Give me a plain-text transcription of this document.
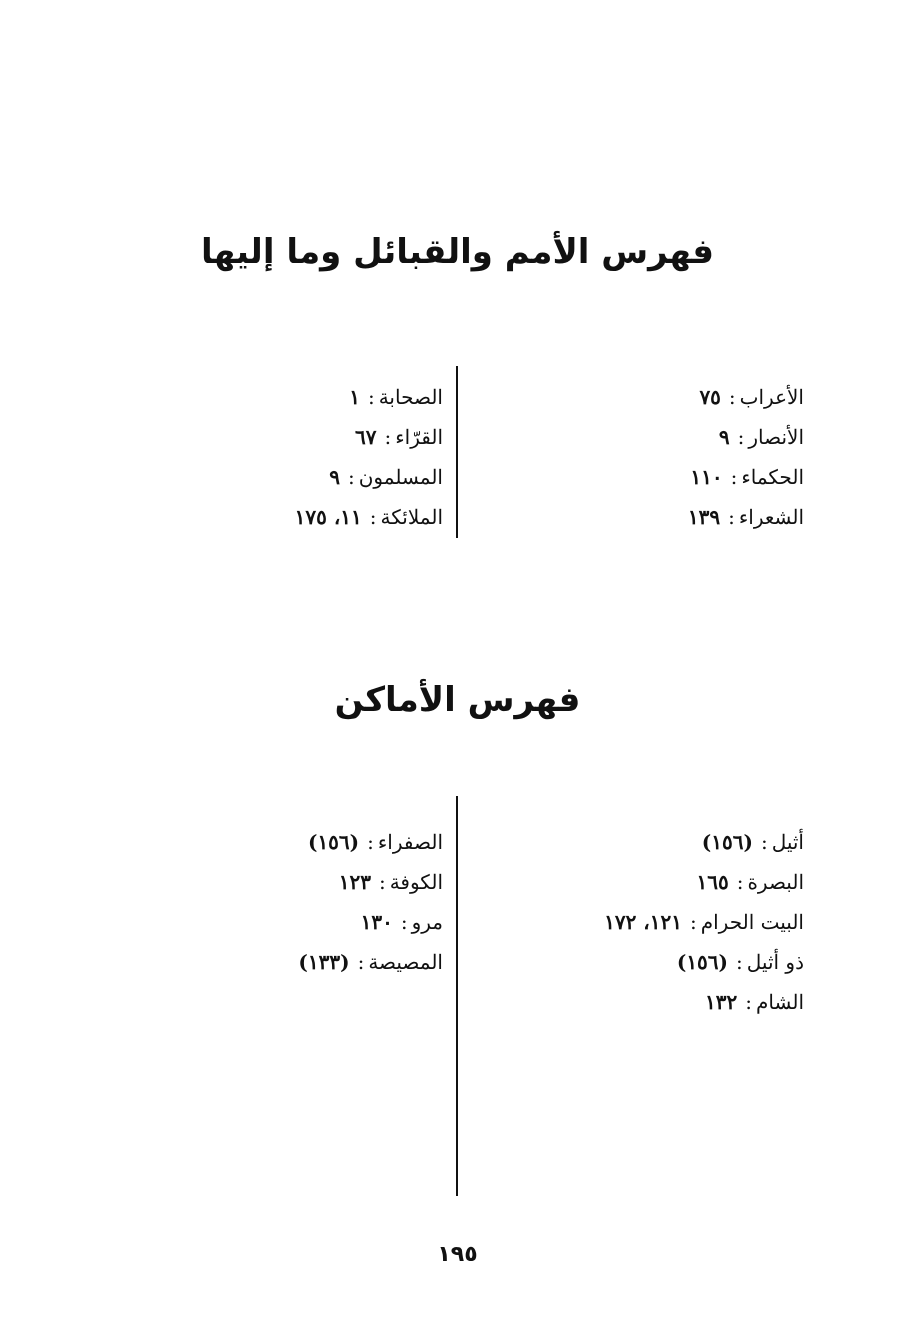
فهرس الأمم والقبائل وما إليها
الأعراب:٧٥
الأنصار:٩
الحكماء:١١٠
الشعراء:١٣٩
الصحابة:١
القرّاء:٦٧
المسلمون:٩
الملائكة:١١، ١٧٥
فهرس الأماكن
أثيل:(١٥٦)
البصرة:١٦٥
البيت الحرام:١٢١، ١٧٢
ذو أثيل:(١٥٦)
الشام:١٣٢
الصفراء:(١٥٦)
الكوفة:١٢٣
مرو:١٣٠
المصيصة:(١٣٣)
١٩٥
